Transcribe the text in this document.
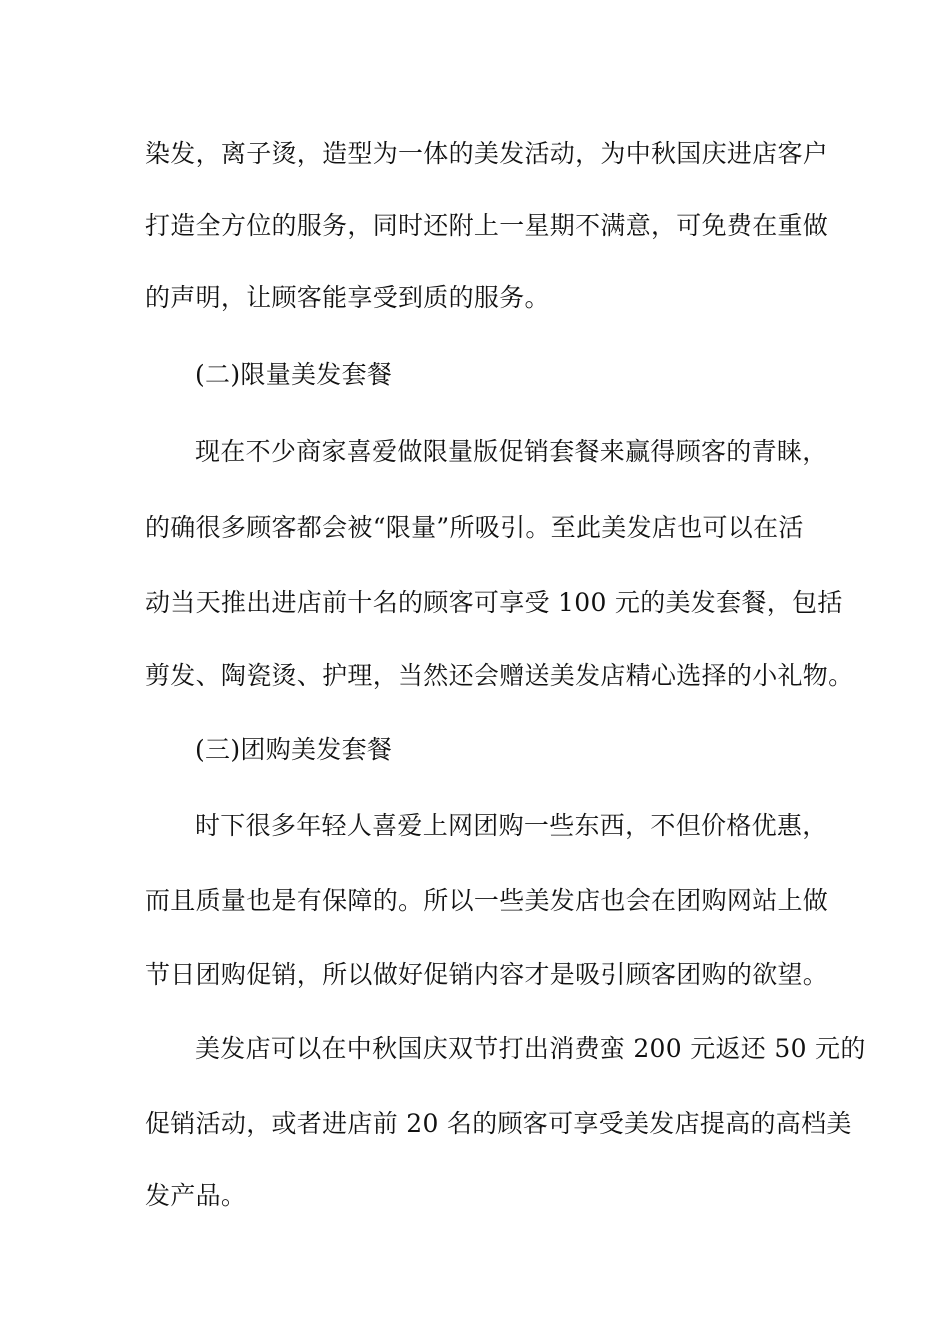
染发，离子烫，造型为一体的美发活动，为中秋国庆进店客户
打造全方位的服务，同时还附上一星期不满意，可免费在重做
的声明，让顾客能享受到质的服务。
(二)限量美发套餐
现在不少商家喜爱做限量版促销套餐来赢得顾客的青睐，
的确很多顾客都会被“限量”所吸引。至此美发店也可以在活
动当天推出进店前十名的顾客可享受 100 元的美发套餐，包括
剪发、陶瓷烫、护理，当然还会赠送美发店精心选择的小礼物。
(三)团购美发套餐
时下很多年轻人喜爱上网团购一些东西，不但价格优惠，
而且质量也是有保障的。所以一些美发店也会在团购网站上做
节日团购促销，所以做好促销内容才是吸引顾客团购的欲望。
美发店可以在中秋国庆双节打出消费蛮 200 元返还 50 元的
促销活动，或者进店前 20 名的顾客可享受美发店提高的高档美
发产品。
